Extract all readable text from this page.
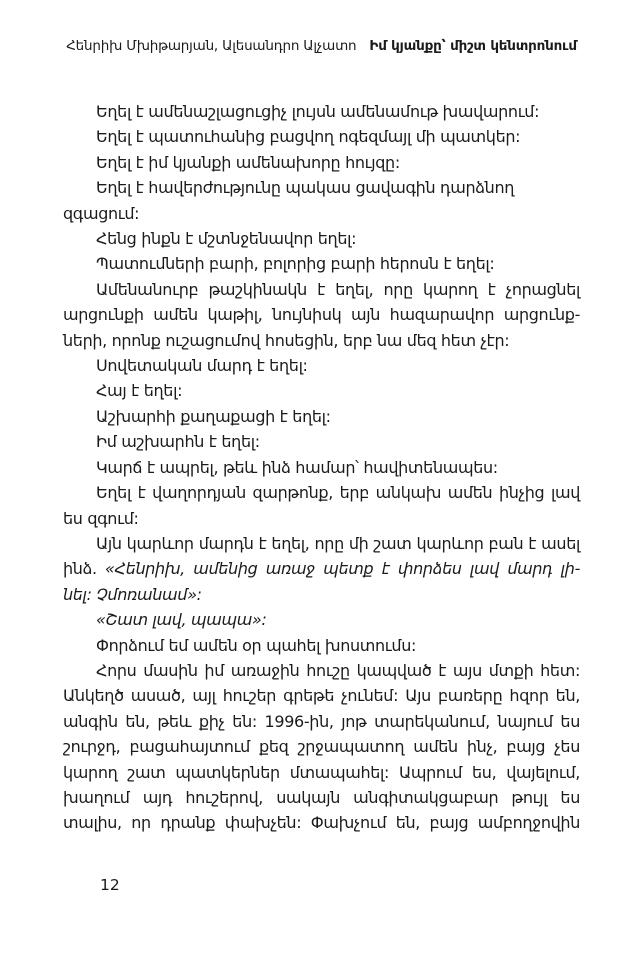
Հենրիխ Մխիթարյան, Ալեսանդրո Ալչատո Իմ կյանքը՝ միշտ կենտրոնում
Եղել է ամենաշլացուցիչ լույսն ամենամութ խավարում:
Եղել է պատուհանից բացվող ոգեզմայլ մի պատկեր:
Եղել է իմ կյանքի ամենախորը հույզը:
Եղել է հավերժությունը պակաս ցավագին դարձնող զգացում:
Հենց ինքն է մշտնջենավոր եղել:
Պատումների բարի, բոլորից բարի հերոսն է եղել:
Ամենանուրբ թաշկինակն է եղել, որը կարող է չորացնել
արցունքի ամեն կաթիլ, նույնիսկ այն հազարավոր արցունք-
ների, որոնք ուշացումով հոսեցին, երբ նա մեզ հետ չէր:
Սովետական մարդ է եղել:
Հայ է եղել:
Աշխարհի քաղաքացի է եղել:
Իմ աշխարհն է եղել:
Կարճ է ապրել, թեև ինձ համար՝ հավիտենապես:
Եղել է վաղորդյան զարթոնք, երբ անկախ ամեն ինչից լավ
ես զգում:
Այն կարևոր մարդն է եղել, որը մի շատ կարևոր բան է ասել
ինձ. «Հենրիխ, ամենից առաջ պետք է փորձես լավ մարդ լի-
նել: Չմոռանամ»:
«Շատ լավ, պապա»:
Փորձում եմ ամեն օր պահել խոստումս:
Հորս մասին իմ առաջին հուշը կապված է այս մտքի հետ:
Անկեղծ ասած, այլ հուշեր գրեթե չունեմ: Այս բառերը հզոր են,
անգին են, թեև քիչ են: 1996-ին, յոթ տարեկանում, նայում ես
շուրջդ, բացահայտում քեզ շրջապատող ամեն ինչ, բայց չես
կարող շատ պատկերներ մտապահել: Ապրում ես, վայելում,
խաղում այդ հուշերով, սակայն անգիտակցաբար թույլ ես
տալիս, որ դրանք փախչեն: Փախչում են, բայց ամբողջովին
12
